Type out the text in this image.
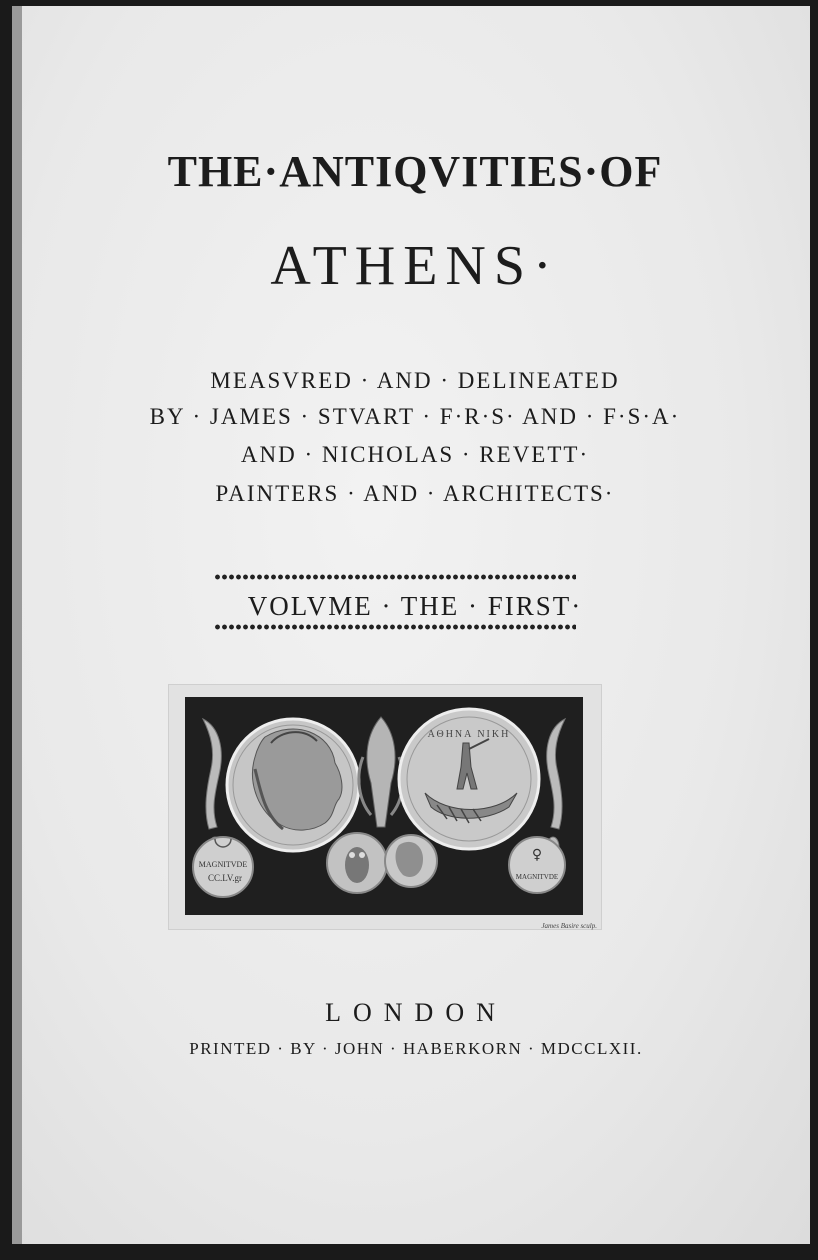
THE·ANTIQVITIES·OF
ATHENS·
MEASVRED · AND · DELINEATED
BY · JAMES · STVART · F·R·S· AND · F·S·A·
AND · NICHOLAS · REVETT·
PAINTERS · AND · ARCHITECTS·
VOLVME · THE · FIRST·
MAGNITVDE
CC.LV.gr
ΑΘΗΝΑ ΝΙΚΗ
♀
MAGNITVDE
James Basire sculp.
LONDON
PRINTED · BY · JOHN · HABERKORN · MDCCLXII.
